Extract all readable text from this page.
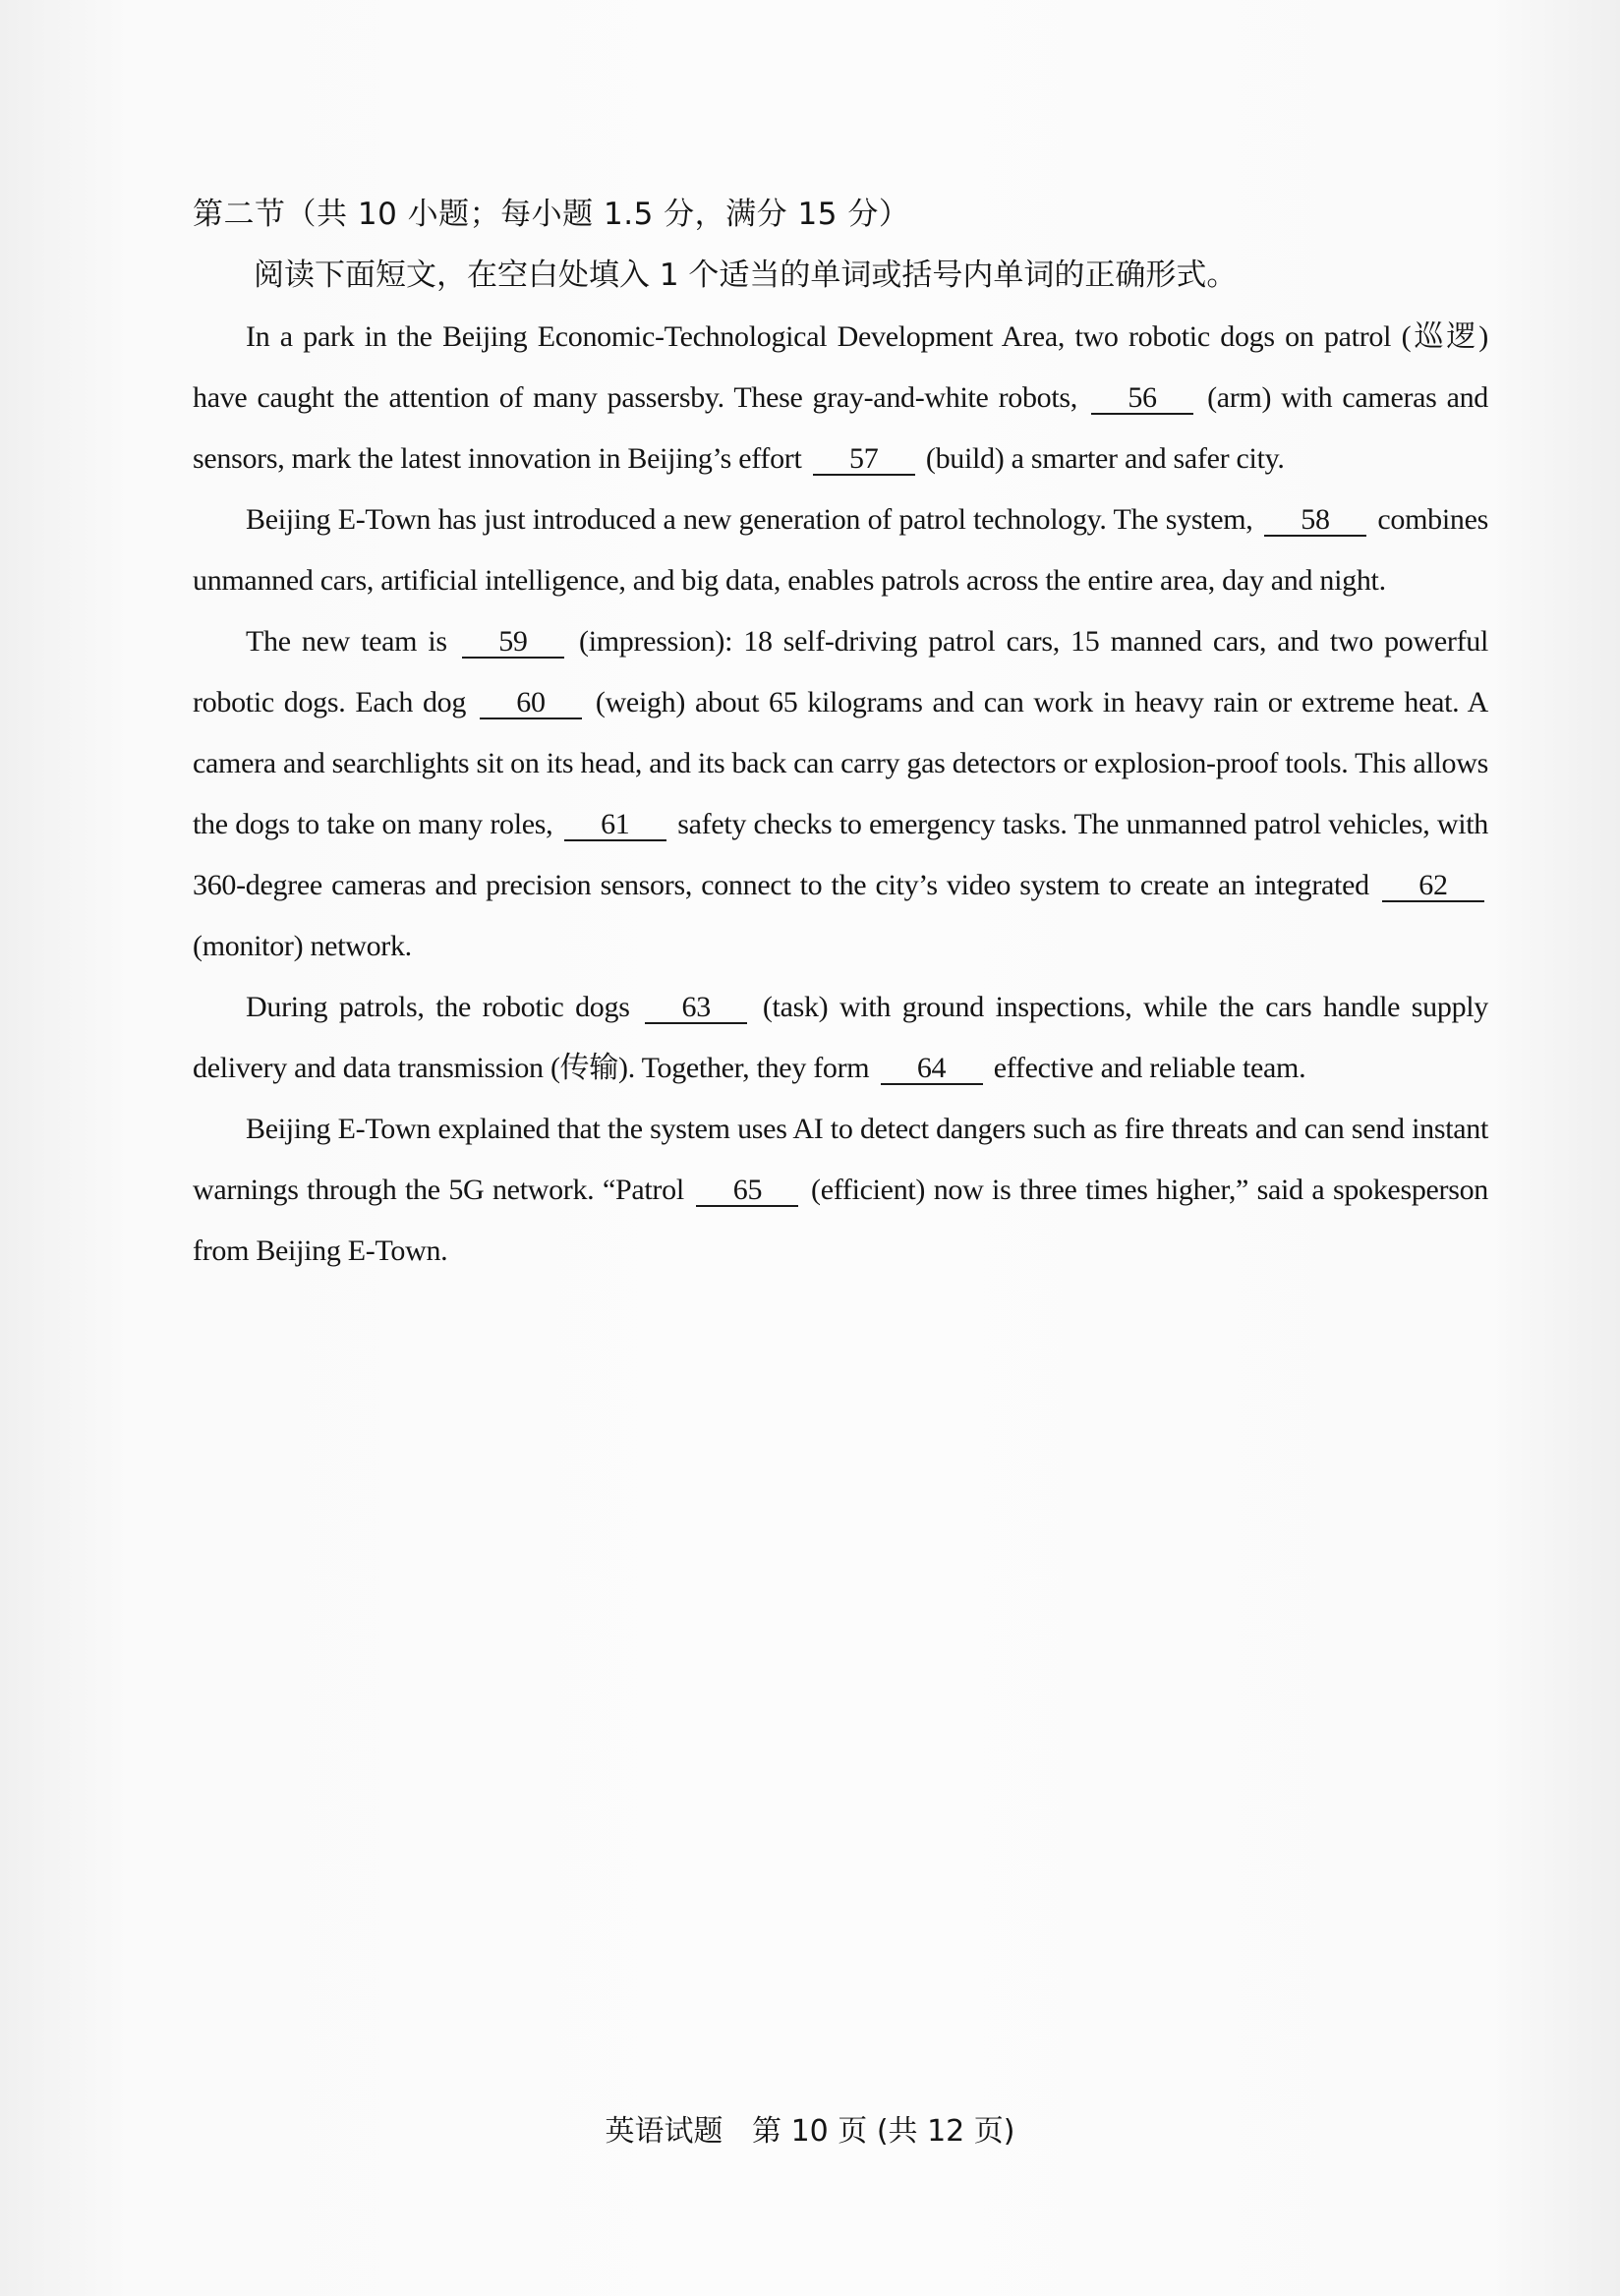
第二节（共 10 小题；每小题 1.5 分，满分 15 分）
阅读下面短文，在空白处填入 1 个适当的单词或括号内单词的正确形式。

In a park in the Beijing Economic-Technological Development Area, two robotic dogs on patrol (巡逻) have caught the attention of many passersby. These gray-and-white robots, 56 (arm) with cameras and sensors, mark the latest innovation in Beijing’s effort 57 (build) a smarter and safer city.

Beijing E-Town has just introduced a new generation of patrol technology. The system, 58 combines unmanned cars, artificial intelligence, and big data, enables patrols across the entire area, day and night.

The new team is 59 (impression): 18 self-driving patrol cars, 15 manned cars, and two powerful robotic dogs. Each dog 60 (weigh) about 65 kilograms and can work in heavy rain or extreme heat. A camera and searchlights sit on its head, and its back can carry gas detectors or explosion-proof tools. This allows the dogs to take on many roles, 61 safety checks to emergency tasks. The unmanned patrol vehicles, with 360-degree cameras and precision sensors, connect to the city’s video system to create an integrated 62 (monitor) network.

During patrols, the robotic dogs 63 (task) with ground inspections, while the cars handle supply delivery and data transmission (传输). Together, they form 64 effective and reliable team.

Beijing E-Town explained that the system uses AI to detect dangers such as fire threats and can send instant warnings through the 5G network. “Patrol 65 (efficient) now is three times higher,” said a spokesperson from Beijing E-Town.

英语试题 第 10 页 (共 12 页)
